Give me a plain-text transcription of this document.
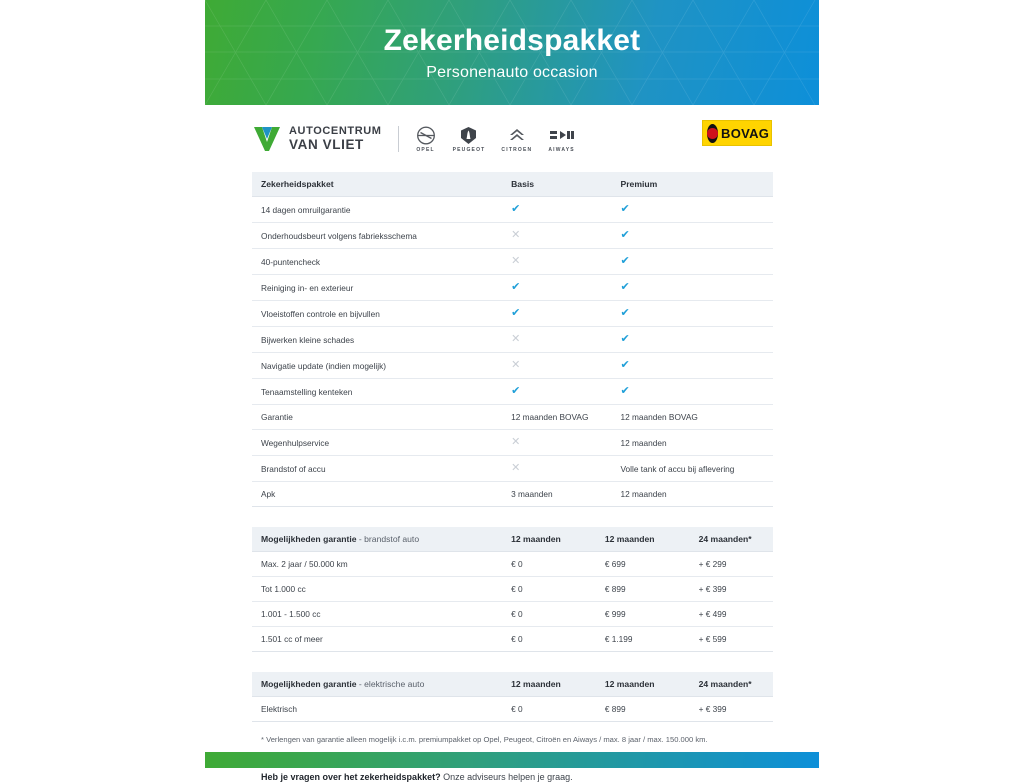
Zekerheidspakket
Personenauto occasion
AUTOCENTRUM
VAN VLIET	OPEL	PEUGEOT	CITROEN	AIWAYS
BOVAG
Zekerheidspakket	Basis	Premium
14 dagen omruilgarantie	✔	✔
Onderhoudsbeurt volgens fabrieksschema	✕	✔
40-puntencheck	✕	✔
Reiniging in- en exterieur	✔	✔
Vloeistoffen controle en bijvullen	✔	✔
Bijwerken kleine schades	✕	✔
Navigatie update (indien mogelijk)	✕	✔
Tenaamstelling kenteken	✔	✔
Garantie	12 maanden BOVAG	12 maanden BOVAG
Wegenhulpservice	✕	12 maanden
Brandstof of accu	✕	Volle tank of accu bij aflevering
Apk	3 maanden	12 maanden
Mogelijkheden garantie - brandstof auto	12 maanden	12 maanden	24 maanden*
Max. 2 jaar / 50.000 km	€ 0	€ 699	+ € 299
Tot 1.000 cc	€ 0	€ 899	+ € 399
1.001 - 1.500 cc	€ 0	€ 999	+ € 499
1.501 cc of meer	€ 0	€ 1.199	+ € 599
Mogelijkheden garantie - elektrische auto	12 maanden	12 maanden	24 maanden*
Elektrisch	€ 0	€ 899	+ € 399
* Verlengen van garantie alleen mogelijk i.c.m. premiumpakket op Opel, Peugeot, Citroën en Aiways / max. 8 jaar / max. 150.000 km.
Heb je vragen over het zekerheidspakket? Onze adviseurs helpen je graag.
